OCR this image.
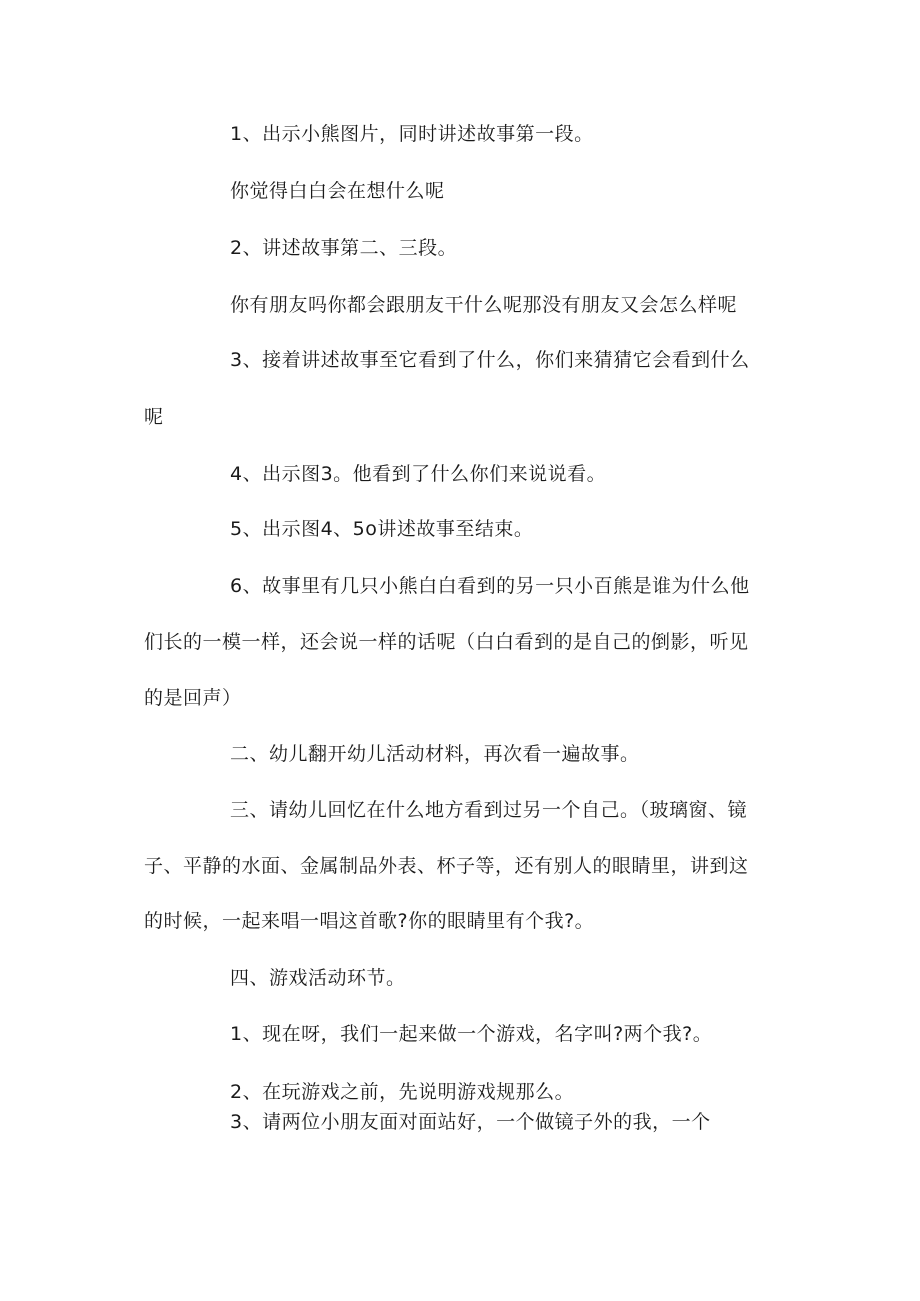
1、出示小熊图片，同时讲述故事第一段。
你觉得白白会在想什么呢
2、讲述故事第二、三段。
你有朋友吗你都会跟朋友干什么呢那没有朋友又会怎么样呢
3、接着讲述故事至它看到了什么，你们来猜猜它会看到什么
呢
4、出示图3。他看到了什么你们来说说看。
5、出示图4、5o讲述故事至结束。
6、故事里有几只小熊白白看到的另一只小百熊是谁为什么他
们长的一模一样，还会说一样的话呢（白白看到的是自己的倒影，听见
的是回声）
二、幼儿翻开幼儿活动材料，再次看一遍故事。
三、请幼儿回忆在什么地方看到过另一个自己。（玻璃窗、镜
子、平静的水面、金属制品外表、杯子等，还有别人的眼睛里，讲到这
的时候，一起来唱一唱这首歌?你的眼睛里有个我?。
四、游戏活动环节。
1、现在呀，我们一起来做一个游戏，名字叫?两个我?。
2、在玩游戏之前，先说明游戏规那么。
3、请两位小朋友面对面站好，一个做镜子外的我，一个
